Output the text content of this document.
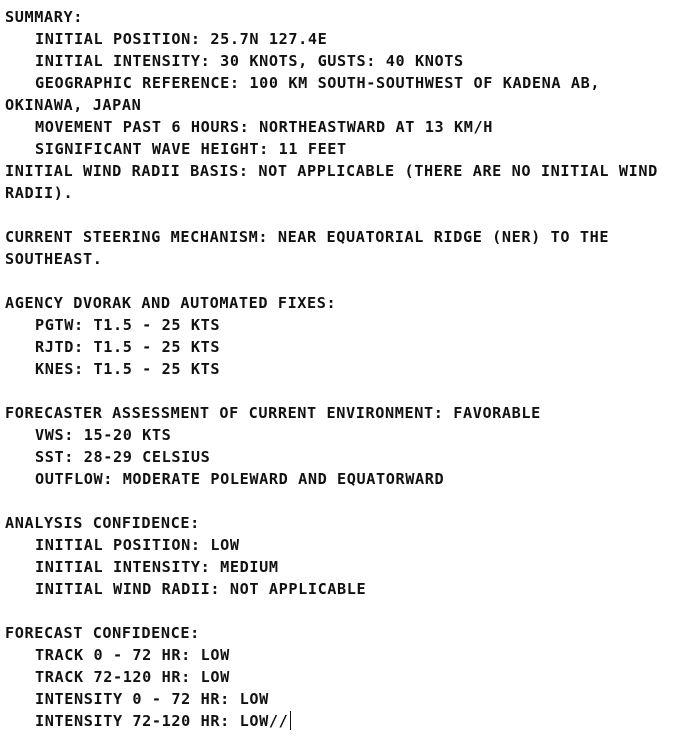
SUMMARY:
INITIAL POSITION: 25.7N 127.4E
INITIAL INTENSITY: 30 KNOTS, GUSTS: 40 KNOTS
GEOGRAPHIC REFERENCE: 100 KM SOUTH-SOUTHWEST OF KADENA AB,
OKINAWA, JAPAN
MOVEMENT PAST 6 HOURS: NORTHEASTWARD AT 13 KM/H
SIGNIFICANT WAVE HEIGHT: 11 FEET
INITIAL WIND RADII BASIS: NOT APPLICABLE (THERE ARE NO INITIAL WIND
RADII).
CURRENT STEERING MECHANISM: NEAR EQUATORIAL RIDGE (NER) TO THE
SOUTHEAST.
AGENCY DVORAK AND AUTOMATED FIXES:
PGTW: T1.5 - 25 KTS
RJTD: T1.5 - 25 KTS
KNES: T1.5 - 25 KTS
FORECASTER ASSESSMENT OF CURRENT ENVIRONMENT: FAVORABLE
VWS: 15-20 KTS
SST: 28-29 CELSIUS
OUTFLOW: MODERATE POLEWARD AND EQUATORWARD
ANALYSIS CONFIDENCE:
INITIAL POSITION: LOW
INITIAL INTENSITY: MEDIUM
INITIAL WIND RADII: NOT APPLICABLE
FORECAST CONFIDENCE:
TRACK 0 - 72 HR: LOW
TRACK 72-120 HR: LOW
INTENSITY 0 - 72 HR: LOW
INTENSITY 72-120 HR: LOW//
